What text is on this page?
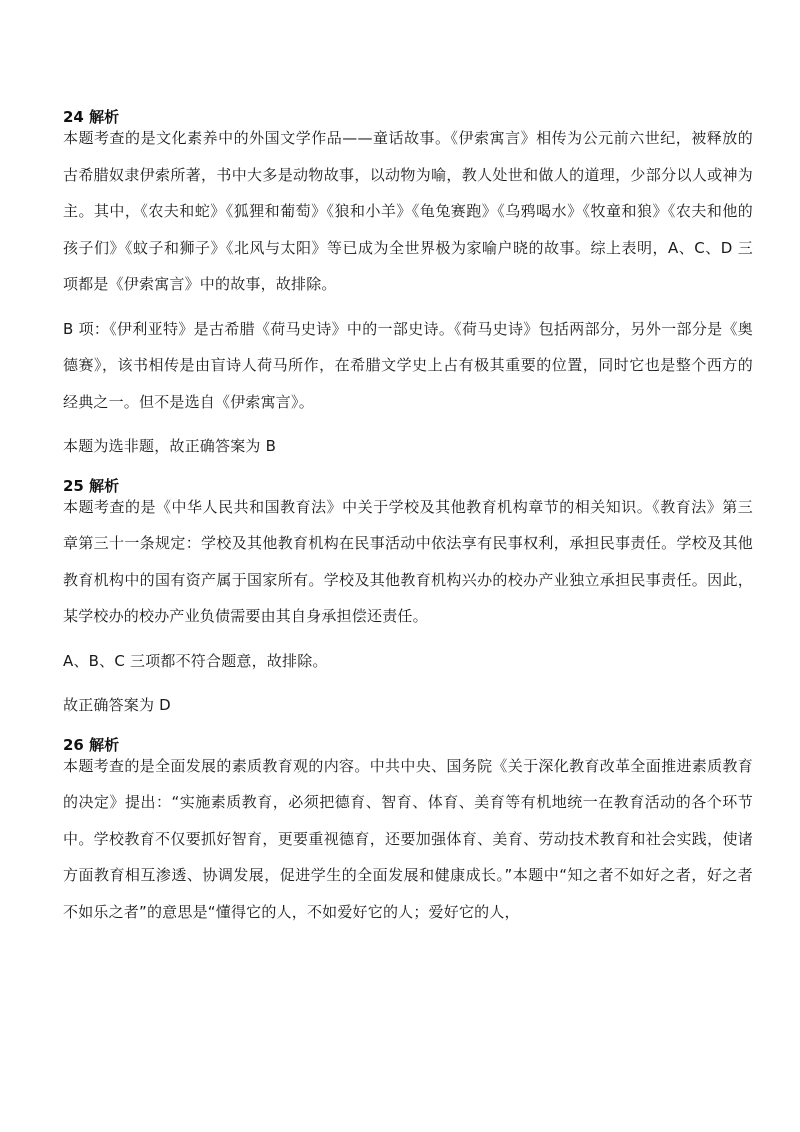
24 解析

本题考查的是文化素养中的外国文学作品——童话故事。《伊索寓言》相传为公元前六世纪，被释放的古希腊奴隶伊索所著，书中大多是动物故事，以动物为喻，教人处世和做人的道理，少部分以人或神为主。其中，《农夫和蛇》《狐狸和葡萄》《狼和小羊》《龟兔赛跑》《乌鸦喝水》《牧童和狼》《农夫和他的孩子们》《蚊子和狮子》《北风与太阳》等已成为全世界极为家喻户晓的故事。综上表明，A、C、D 三项都是《伊索寓言》中的故事，故排除。

B 项：《伊利亚特》是古希腊《荷马史诗》中的一部史诗。《荷马史诗》包括两部分，另外一部分是《奥德赛》，该书相传是由盲诗人荷马所作，在希腊文学史上占有极其重要的位置，同时它也是整个西方的经典之一。但不是选自《伊索寓言》。

本题为选非题，故正确答案为 B

25 解析

本题考查的是《中华人民共和国教育法》中关于学校及其他教育机构章节的相关知识。《教育法》第三章第三十一条规定：学校及其他教育机构在民事活动中依法享有民事权利，承担民事责任。学校及其他教育机构中的国有资产属于国家所有。学校及其他教育机构兴办的校办产业独立承担民事责任。因此，某学校办的校办产业负债需要由其自身承担偿还责任。

A、B、C 三项都不符合题意，故排除。

故正确答案为 D

26 解析

本题考查的是全面发展的素质教育观的内容。中共中央、国务院《关于深化教育改革全面推进素质教育的决定》提出：“实施素质教育，必须把德育、智育、体育、美育等有机地统一在教育活动的各个环节中。学校教育不仅要抓好智育，更要重视德育，还要加强体育、美育、劳动技术教育和社会实践，使诸方面教育相互渗透、协调发展，促进学生的全面发展和健康成长。”本题中“知之者不如好之者，好之者不如乐之者”的意思是“懂得它的人，不如爱好它的人；爱好它的人，
